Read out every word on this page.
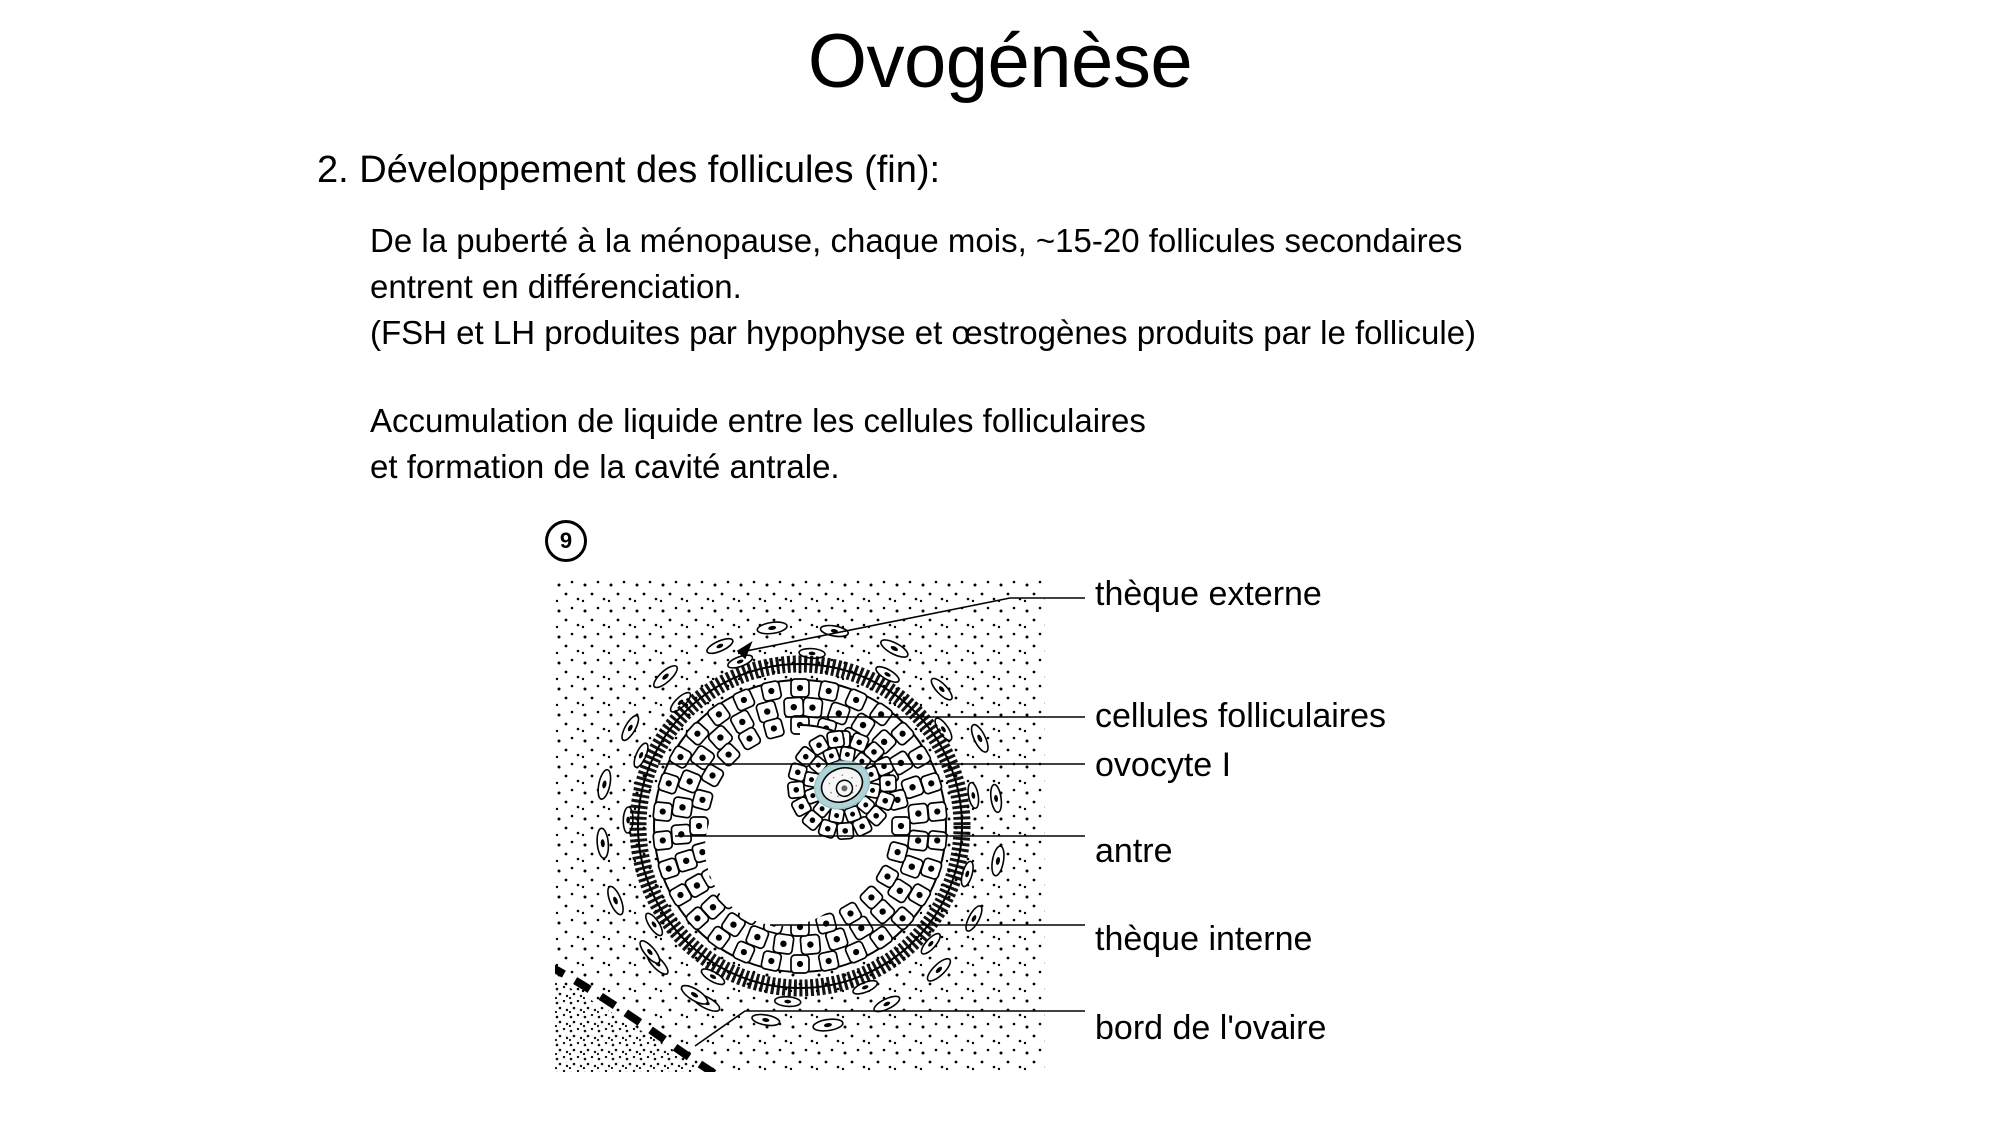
Ovogénèse
2. Développement des follicules (fin):
De la puberté à la ménopause, chaque mois, ~15-20 follicules secondaires
entrent en différenciation.
(FSH et LH produites par hypophyse et œstrogènes produits par le follicule)
Accumulation de liquide entre les cellules folliculaires
et formation de la cavité antrale.
9
thèque externe
cellules folliculaires
ovocyte I
antre
thèque interne
bord de l'ovaire
